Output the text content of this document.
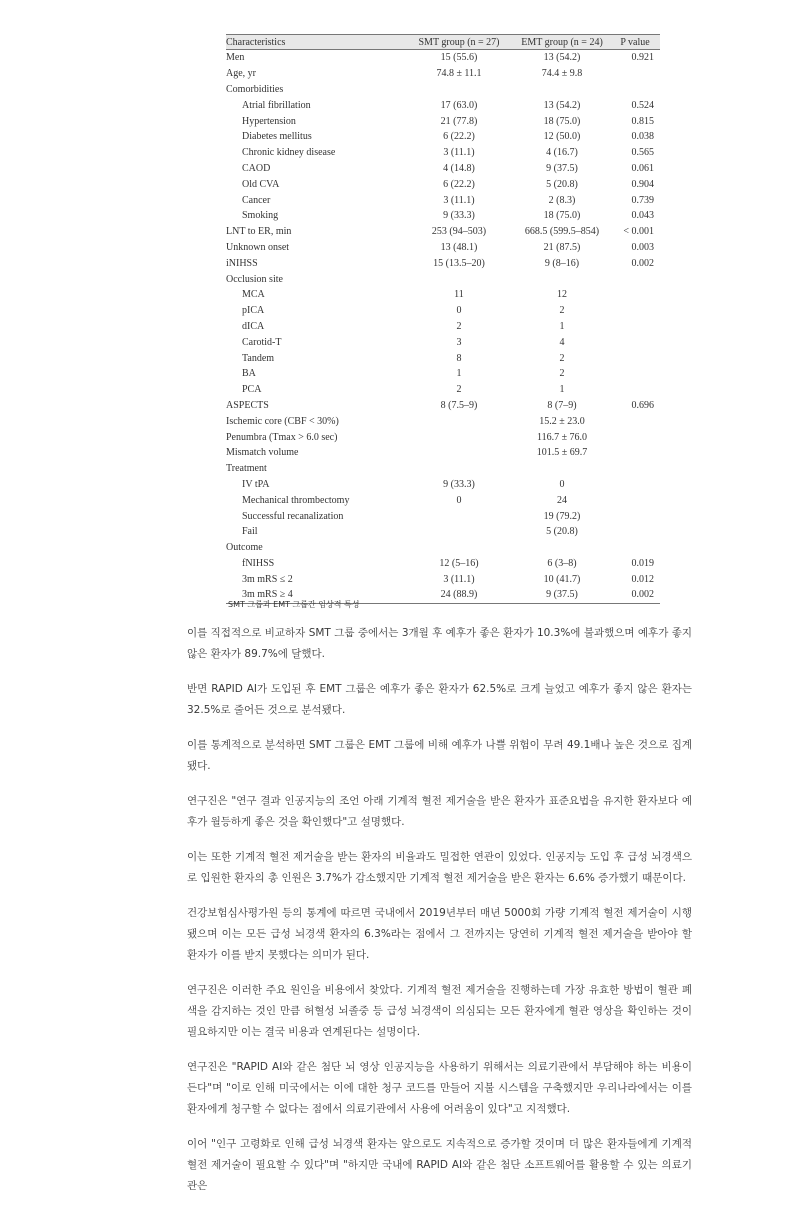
Characteristics	SMT group (n = 27)	EMT group (n = 24)	P value
Men	15 (55.6)	13 (54.2)	0.921
Age, yr	74.8 ± 11.1	74.4 ± 9.8	
Comorbidities			
Atrial fibrillation	17 (63.0)	13 (54.2)	0.524
Hypertension	21 (77.8)	18 (75.0)	0.815
Diabetes mellitus	6 (22.2)	12 (50.0)	0.038
Chronic kidney disease	3 (11.1)	4 (16.7)	0.565
CAOD	4 (14.8)	9 (37.5)	0.061
Old CVA	6 (22.2)	5 (20.8)	0.904
Cancer	3 (11.1)	2 (8.3)	0.739
Smoking	9 (33.3)	18 (75.0)	0.043
LNT to ER, min	253 (94–503)	668.5 (599.5–854)	< 0.001
Unknown onset	13 (48.1)	21 (87.5)	0.003
iNIHSS	15 (13.5–20)	9 (8–16)	0.002
Occlusion site			
MCA	11	12	
pICA	0	2	
dICA	2	1	
Carotid-T	3	4	
Tandem	8	2	
BA	1	2	
PCA	2	1	
ASPECTS	8 (7.5–9)	8 (7–9)	0.696
Ischemic core (CBF < 30%)		15.2 ± 23.0	
Penumbra (Tmax > 6.0 sec)		116.7 ± 76.0	
Mismatch volume		101.5 ± 69.7	
Treatment			
IV tPA	9 (33.3)	0	
Mechanical thrombectomy	0	24	
Successful recanalization		19 (79.2)	
Fail		5 (20.8)	
Outcome			
fNIHSS	12 (5–16)	6 (3–8)	0.019
3m mRS ≤ 2	3 (11.1)	10 (41.7)	0.012
3m mRS ≥ 4	24 (88.9)	9 (37.5)	0.002
SMT 그룹과 EMT 그룹간 임상적 특성

이를 직접적으로 비교하자 SMT 그룹 중에서는 3개월 후 예후가 좋은 환자가 10.3%에 불과했으며 예후가 좋지 않은 환자가 89.7%에 달했다.

반면 RAPID AI가 도입된 후 EMT 그룹은 예후가 좋은 환자가 62.5%로 크게 늘었고 예후가 좋지 않은 환자는 32.5%로 줄어든 것으로 분석됐다.

이를 통계적으로 분석하면 SMT 그룹은 EMT 그룹에 비해 예후가 나쁠 위험이 무려 49.1배나 높은 것으로 집계됐다.

연구진은 "연구 결과 인공지능의 조언 아래 기계적 혈전 제거술을 받은 환자가 표준요법을 유지한 환자보다 예후가 월등하게 좋은 것을 확인했다"고 설명했다.

이는 또한 기계적 혈전 제거술을 받는 환자의 비율과도 밀접한 연관이 있었다. 인공지능 도입 후 급성 뇌경색으로 입원한 환자의 총 인원은 3.7%가 감소했지만 기계적 혈전 제거술을 받은 환자는 6.6% 증가했기 때문이다.

건강보험심사평가원 등의 통계에 따르면 국내에서 2019년부터 매년 5000회 가량 기계적 혈전 제거술이 시행됐으며 이는 모든 급성 뇌경색 환자의 6.3%라는 점에서 그 전까지는 당연히 기계적 혈전 제거술을 받아야 할 환자가 이를 받지 못했다는 의미가 된다.

연구진은 이러한 주요 원인을 비용에서 찾았다. 기계적 혈전 제거술을 진행하는데 가장 유효한 방법이 혈관 폐색을 감지하는 것인 만큼 허혈성 뇌졸중 등 급성 뇌경색이 의심되는 모든 환자에게 혈관 영상을 확인하는 것이 필요하지만 이는 결국 비용과 연계된다는 설명이다.

연구진은 "RAPID AI와 같은 첨단 뇌 영상 인공지능을 사용하기 위해서는 의료기관에서 부담해야 하는 비용이 든다"며 "이로 인해 미국에서는 이에 대한 청구 코드를 만들어 지불 시스템을 구축했지만 우리나라에서는 이를 환자에게 청구할 수 없다는 점에서 의료기관에서 사용에 어려움이 있다"고 지적했다.

이어 "인구 고령화로 인해 급성 뇌경색 환자는 앞으로도 지속적으로 증가할 것이며 더 많은 환자들에게 기계적 혈전 제거술이 필요할 수 있다"며 "하지만 국내에 RAPID AI와 같은 첨단 소프트웨어를 활용할 수 있는 의료기관은
